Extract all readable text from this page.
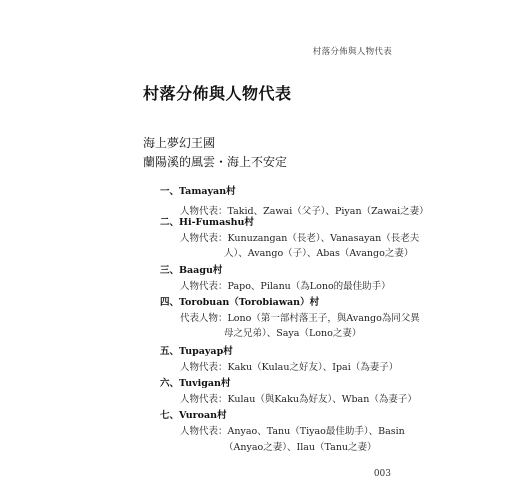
村落分佈與人物代表
村落分佈與人物代表
海上夢幻王國
蘭陽溪的風雲・海上不安定
一、Tamayan村
人物代表：Takid、Zawai（父子）、Piyan（Zawai之妻）
二、Hi-Fumashu村
人物代表：Kunuzangan（長老）、Vanasayan（長老夫
人）、Avango（子）、Abas（Avango之妻）
三、Baagu村
人物代表：Papo、Pilanu（為Lono的最佳助手）
四、Torobuan（Torobiawan）村
代表人物：Lono（第一部村落王子，與Avango為同父異
母之兄弟）、Saya（Lono之妻）
五、Tupayap村
人物代表：Kaku（Kulau之好友）、Ipai（為妻子）
六、Tuvigan村
人物代表：Kulau（與Kaku為好友）、Wban（為妻子）
七、Vuroan村
人物代表：Anyao、Tanu（Tiyao最佳助手）、Basin
（Anyao之妻）、Ilau（Tanu之妻）
003
